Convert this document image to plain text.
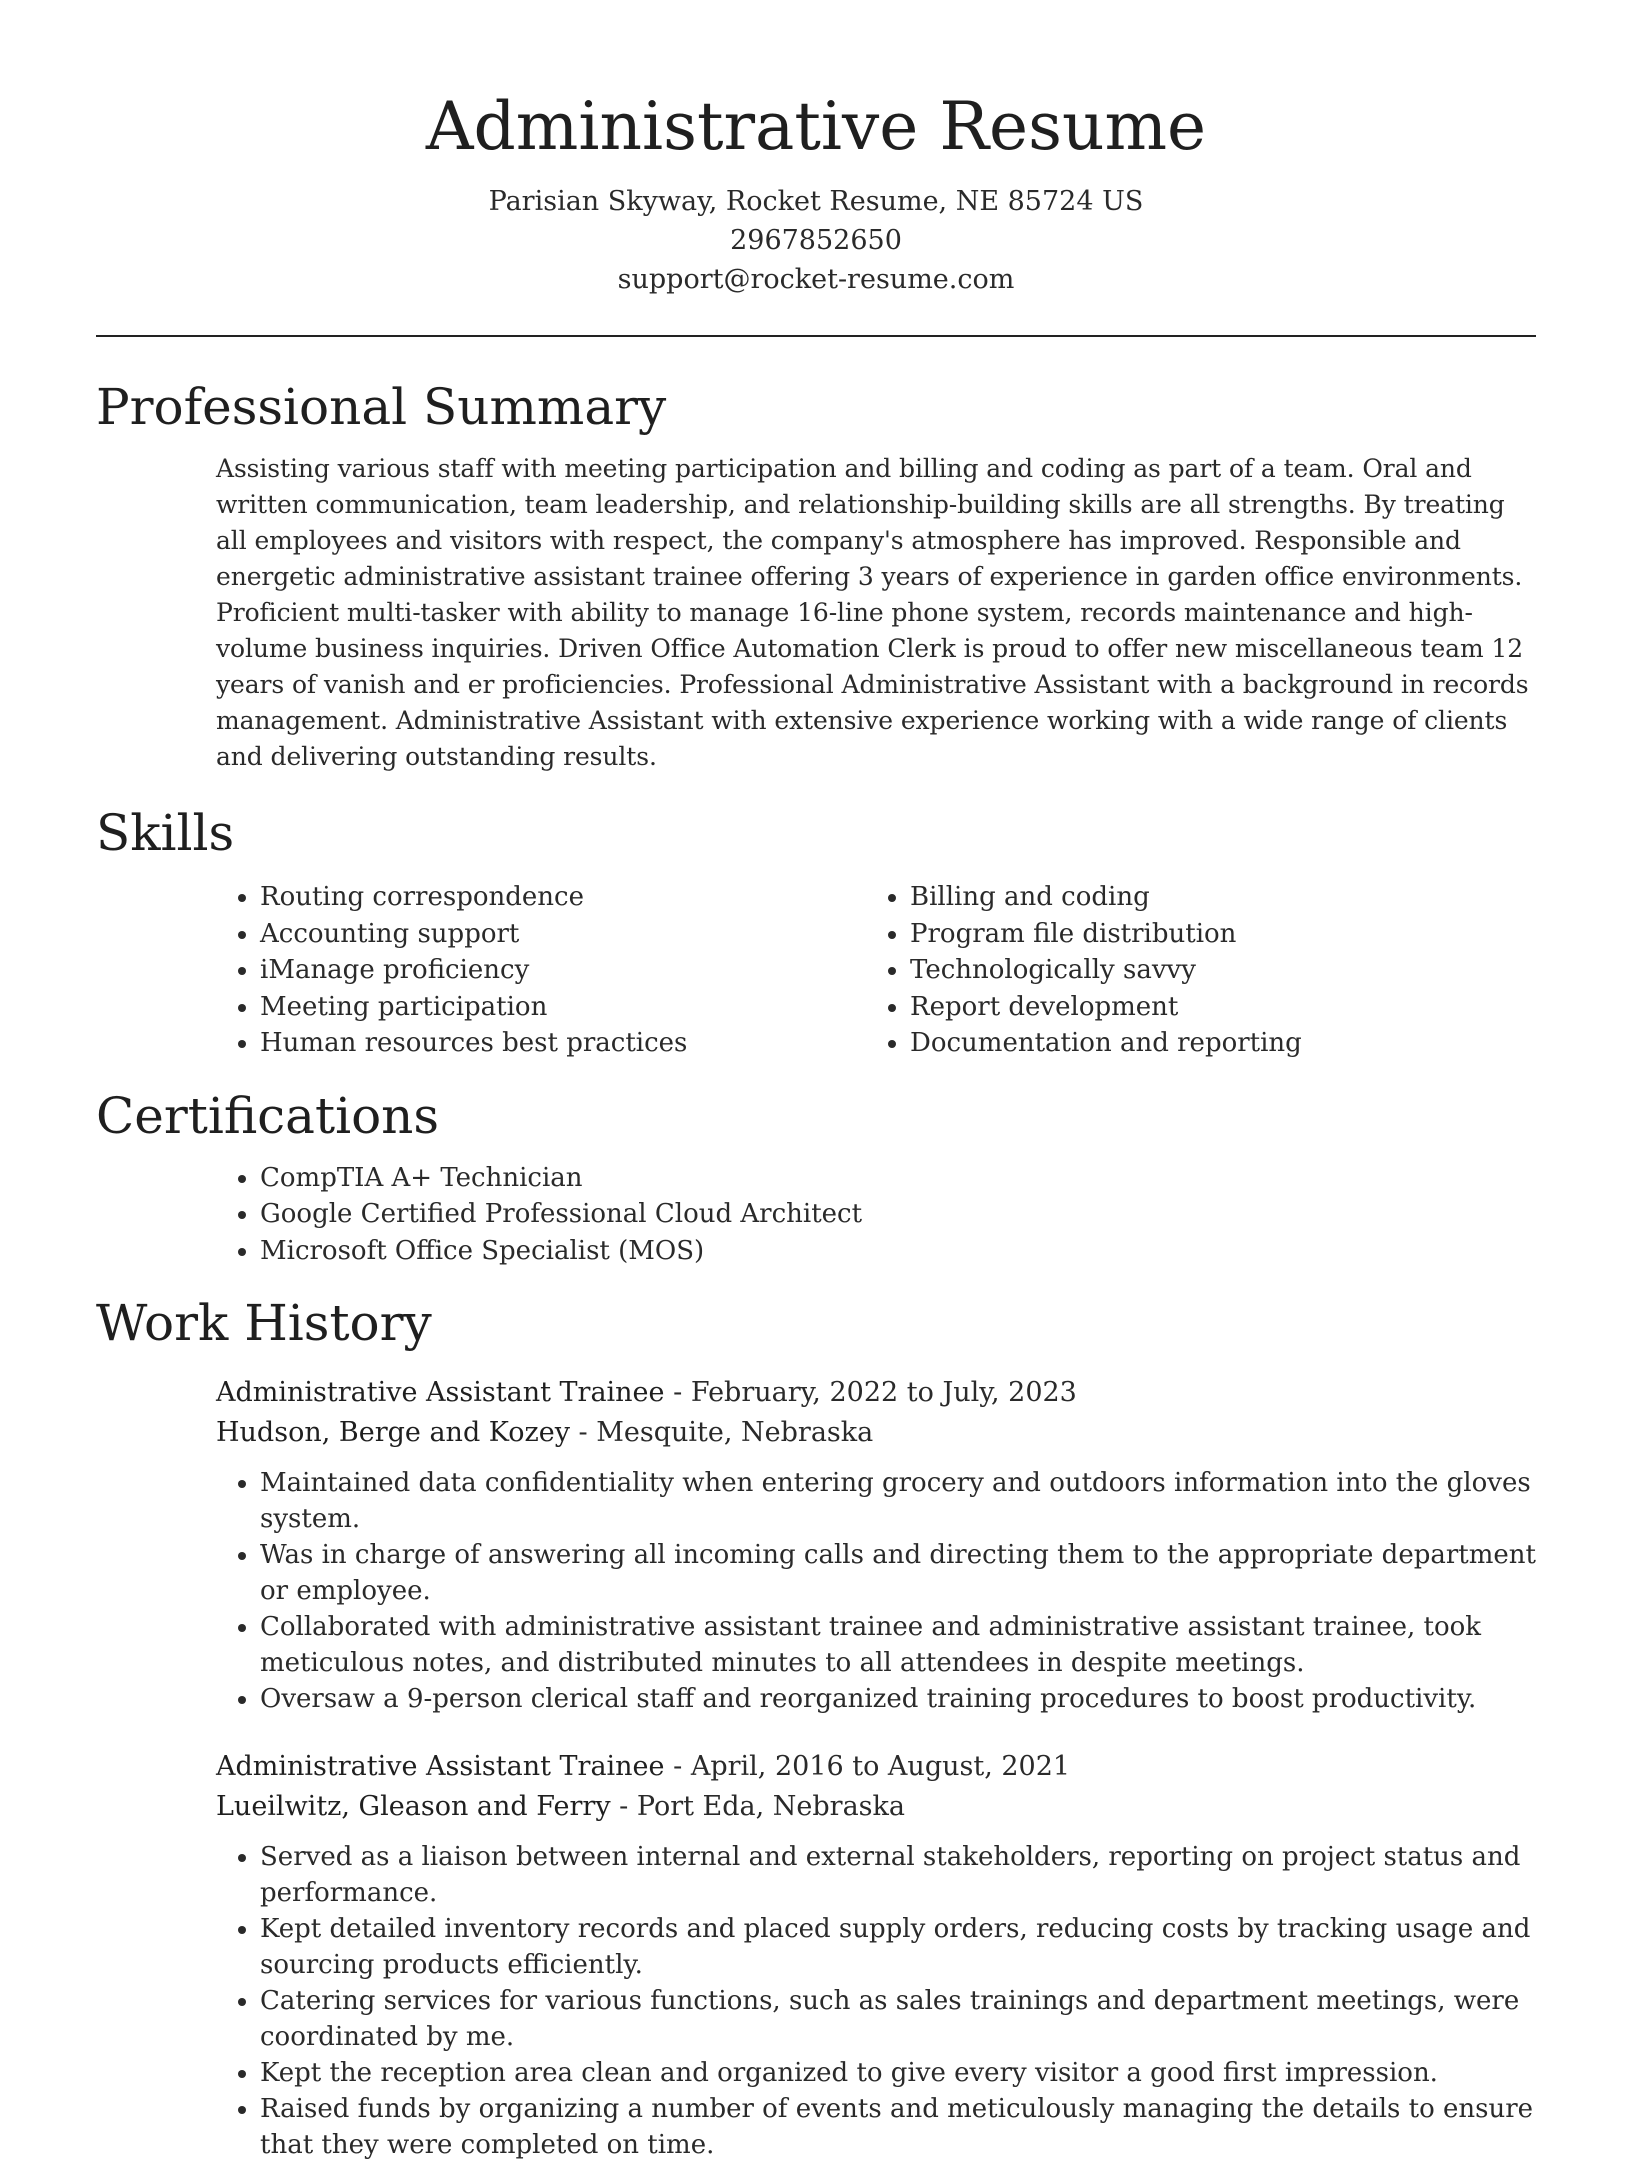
Administrative Resume
Parisian Skyway, Rocket Resume, NE 85724 US
2967852650
support@rocket-resume.com
Professional Summary
Assisting various staff with meeting participation and billing and coding as part of a team. Oral and written communication, team leadership, and relationship-building skills are all strengths. By treating all employees and visitors with respect, the company's atmosphere has improved. Responsible and energetic administrative assistant trainee offering 3 years of experience in garden office environments. Proficient multi-tasker with ability to manage 16-line phone system, records maintenance and high-volume business inquiries. Driven Office Automation Clerk is proud to offer new miscellaneous team 12 years of vanish and er proficiencies. Professional Administrative Assistant with a background in records management. Administrative Assistant with extensive experience working with a wide range of clients and delivering outstanding results.
Skills
• Routing correspondence
• Accounting support
• iManage proficiency
• Meeting participation
• Human resources best practices
• Billing and coding
• Program file distribution
• Technologically savvy
• Report development
• Documentation and reporting
Certifications
• CompTIA A+ Technician
• Google Certified Professional Cloud Architect
• Microsoft Office Specialist (MOS)
Work History
Administrative Assistant Trainee - February, 2022 to July, 2023
Hudson, Berge and Kozey - Mesquite, Nebraska
• Maintained data confidentiality when entering grocery and outdoors information into the gloves system.
• Was in charge of answering all incoming calls and directing them to the appropriate department or employee.
• Collaborated with administrative assistant trainee and administrative assistant trainee, took meticulous notes, and distributed minutes to all attendees in despite meetings.
• Oversaw a 9-person clerical staff and reorganized training procedures to boost productivity.
Administrative Assistant Trainee - April, 2016 to August, 2021
Lueilwitz, Gleason and Ferry - Port Eda, Nebraska
• Served as a liaison between internal and external stakeholders, reporting on project status and performance.
• Kept detailed inventory records and placed supply orders, reducing costs by tracking usage and sourcing products efficiently.
• Catering services for various functions, such as sales trainings and department meetings, were coordinated by me.
• Kept the reception area clean and organized to give every visitor a good first impression.
• Raised funds by organizing a number of events and meticulously managing the details to ensure that they were completed on time.
